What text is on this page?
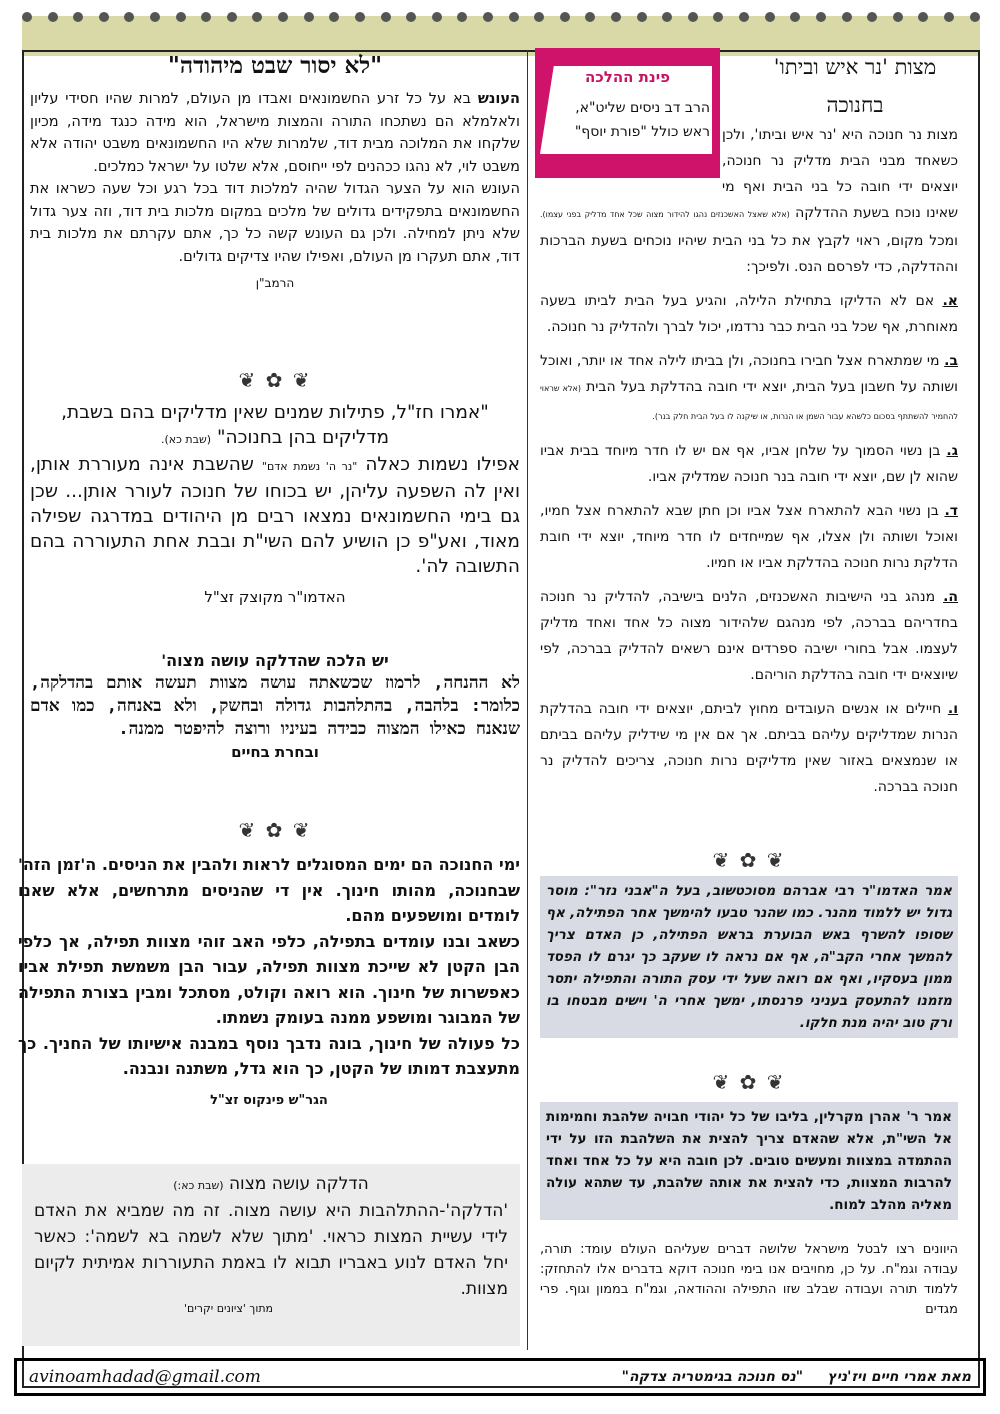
מצות 'נר איש וביתו'
בחנוכה
פינת ההלכה
הרב דב ניסים שליט"א,
ראש כולל "פורת יוסף" מצות נר חנוכה היא 'נר איש וביתו', ולכן כשאחד מבני הבית מדליק נר חנוכה, יוצאים ידי חובה כל בני הבית ואף מי שאינו נוכח בשעת ההדלקה (אלא שאצל האשכנזים נהגו להידור מצוה שכל אחד מדליק בפני עצמו). ומכל מקום, ראוי לקבץ את כל בני הבית שיהיו נוכחים בשעת הברכות וההדלקה, כדי לפרסם הנס. ולפיכך:

א. אם לא הדליקו בתחילת הלילה, והגיע בעל הבית לביתו בשעה מאוחרת, אף שכל בני הבית כבר נרדמו, יכול לברך ולהדליק נר חנוכה.

ב. מי שמתארח אצל חבירו בחנוכה, ולן בביתו לילה אחד או יותר, ואוכל ושותה על חשבון בעל הבית, יוצא ידי חובה בהדלקת בעל הבית (אלא שראוי להחמיר להשתתף בסכום כלשהא עבור השמן או הנרות, או שיקנה לו בעל הבית חלק בנר).

ג. בן נשוי הסמוך על שלחן אביו, אף אם יש לו חדר מיוחד בבית אביו שהוא לן שם, יוצא ידי חובה בנר חנוכה שמדליק אביו.

ד. בן נשוי הבא להתארח אצל אביו וכן חתן שבא להתארח אצל חמיו, ואוכל ושותה ולן אצלו, אף שמייחדים לו חדר מיוחד, יוצא ידי חובת הדלקת נרות חנוכה בהדלקת אביו או חמיו.

ה. מנהג בני הישיבות האשכנזים, הלנים בישיבה, להדליק נר חנוכה בחדריהם בברכה, לפי מנהגם שלהידור מצוה כל אחד ואחד מדליק לעצמו. אבל בחורי ישיבה ספרדים אינם רשאים להדליק בברכה, לפי שיוצאים ידי חובה בהדלקת הוריהם.

ו. חיילים או אנשים העובדים מחוץ לביתם, יוצאים ידי חובה בהדלקת הנרות שמדליקים עליהם בביתם. אך אם אין מי שידליק עליהם בביתם או שנמצאים באזור שאין מדליקים נרות חנוכה, צריכים להדליק נר חנוכה בברכה.

❦ ✿ ❦
אמר האדמו"ר רבי אברהם מסוכטשוב, בעל ה"אבני נזר": מוסר גדול יש ללמוד מהנר. כמו שהנר טבעו להימשך אחר הפתילה, אף שסופו להשרף באש הבוערת בראש הפתילה, כן האדם צריך להמשך אחרי הקב"ה, אף אם נראה לו שעקב כך יגרם לו הפסד ממון בעסקיו, ואף אם רואה שעל ידי עסק התורה והתפילה יתסר מזמנו להתעסק בעניני פרנסתו, ימשך אחרי ה' וישים מבטחו בו ורק טוב יהיה מנת חלקו.
❦ ✿ ❦
אמר ר' אהרן מקרלין, בליבו של כל יהודי חבויה שלהבת וחמימות אל השי"ת, אלא שהאדם צריך להצית את השלהבת הזו על ידי ההתמדה במצוות ומעשים טובים. לכן חובה היא על כל אחד ואחד להרבות המצוות, כדי להצית את אותה שלהבת, עד שתהא עולה מאליה מהלב למוח.
היוונים רצו לבטל מישראל שלושה דברים שעליהם העולם עומד: תורה, עבודה וגמ"ח. על כן, מחויבים אנו בימי חנוכה דוקא בדברים אלו להתחזק: ללמוד תורה ועבודה שבלב שזו התפילה וההודאה, וגמ"ח בממון וגוף. פרי מגדים
"לא יסור שבט מיהודה"

העונש בא על כל זרע החשמונאים ואבדו מן העולם, למרות שהיו חסידי עליון ולאלמלא הם נשתכחו התורה והמצות מישראל, הוא מידה כנגד מידה, מכיון שלקחו את המלוכה מבית דוד, שלמרות שלא היו החשמונאים משבט יהודה אלא משבט לוי, לא נהגו ככהנים לפי ייחוסם, אלא שלטו על ישראל כמלכים.

העונש הוא על הצער הגדול שהיה למלכות דוד בכל רגע וכל שעה כשראו את החשמונאים בתפקידים גדולים של מלכים במקום מלכות בית דוד, וזה צער גדול שלא ניתן למחילה. ולכן גם העונש קשה כל כך, אתם עקרתם את מלכות בית דוד, אתם תעקרו מן העולם, ואפילו שהיו צדיקים גדולים.

הרמב"ן

❦ ✿ ❦

"אמרו חז"ל, פתילות שמנים שאין מדליקים בהם בשבת, מדליקים בהן בחנוכה" (שבת כא).

אפילו נשמות כאלה "נר ה' נשמת אדם" שהשבת אינה מעוררת אותן, ואין לה השפעה עליהן, יש בכוחו של חנוכה לעורר אותן... שכן גם בימי החשמונאים נמצאו רבים מן היהודים במדרגה שפילה מאוד, ואע"פ כן הושיע להם השי"ת ובבת אחת התעוררה בהם התשובה לה'.

האדמו"ר מקוצק זצ"ל

יש הלכה שהדלקה עושה מצוה'

לא ההנחה, לרמוז שכשאתה עושה מצוות תעשה אותם בהדלקה, כלומר: בלהבה, בהתלהבות גדולה ובחשק, ולא באנחה, כמו אדם שנאנח כאילו המצוה כבידה בעיניו ורוצה להיפטר ממנה.

ובחרת בחיים

❦ ✿ ❦

ימי החנוכה הם ימים המסוגלים לראות ולהבין את הניסים. ה'זמן הזה' שבחנוכה, מהותו חינוך. אין די שהניסים מתרחשים, אלא שאנו לומדים ומושפעים מהם.

כשאב ובנו עומדים בתפילה, כלפי האב זוהי מצוות תפילה, אך כלפי הבן הקטן לא שייכת מצוות תפילה, עבור הבן משמשת תפילת אביו כאפשרות של חינוך. הוא רואה וקולט, מסתכל ומבין בצורת התפילה של המבוגר ומושפע ממנה בעומק נשמתו.

כל פעולה של חינוך, בונה נדבך נוסף במבנה אישיותו של החניך. כך מתעצבת דמותו של הקטן, כך הוא גדל, משתנה ונבנה.

הגר"ש פינקוס זצ"ל

הדלקה עושה מצוה (שבת כא:)

'הדלקה'-ההתלהבות היא עושה מצוה. זה מה שמביא את האדם לידי עשיית המצות כראוי. 'מתוך שלא לשמה בא לשמה': כאשר יחל האדם לנוע באבריו תבוא לו באמת התעוררות אמיתית לקיום מצוות.

מתוך 'ציונים יקרים'

avinoamhadad@gmail.com	מאת אמרי חיים ויז'ניץ     "נס חנוכה בגימטריה צדקה"
